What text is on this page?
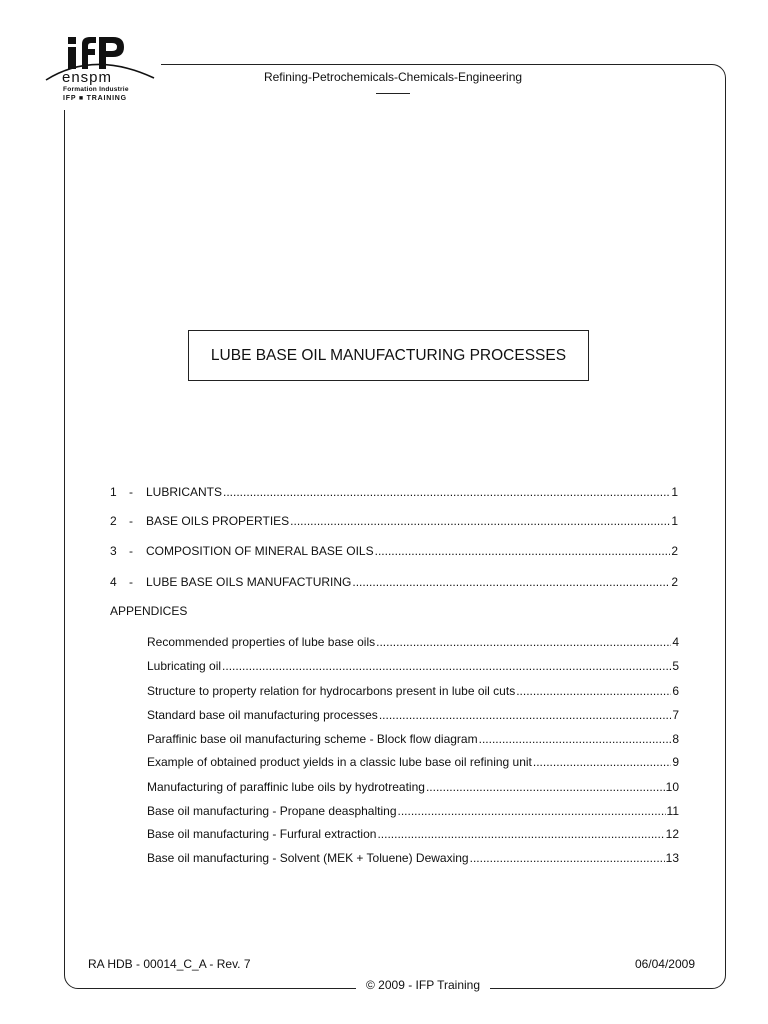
enspm
Formation Industrie
IFP ■ TRAINING
Refining-Petrochemicals-Chemicals-Engineering
LUBE BASE OIL MANUFACTURING PROCESSES
1	-	LUBRICANTS .....	1
2	-	BASE OILS PROPERTIES .....	1
3	-	COMPOSITION OF MINERAL BASE OILS .....	2
4	-	LUBE BASE OILS MANUFACTURING .....	2
APPENDICES
Recommended properties of lube base oils .....	4
Lubricating oil .....	5
Structure to property relation for hydrocarbons present in lube oil cuts .....	6
Standard base oil manufacturing processes .....	7
Paraffinic base oil manufacturing scheme - Block flow diagram .....	8
Example of obtained product yields in a classic lube base oil refining unit .....	9
Manufacturing of paraffinic lube oils by hydrotreating .....	10
Base oil manufacturing - Propane deasphalting .....	11
Base oil manufacturing - Furfural extraction .....	12
Base oil manufacturing - Solvent (MEK + Toluene) Dewaxing .....	13
RA HDB - 00014_C_A - Rev. 7	06/04/2009
© 2009 - IFP Training
